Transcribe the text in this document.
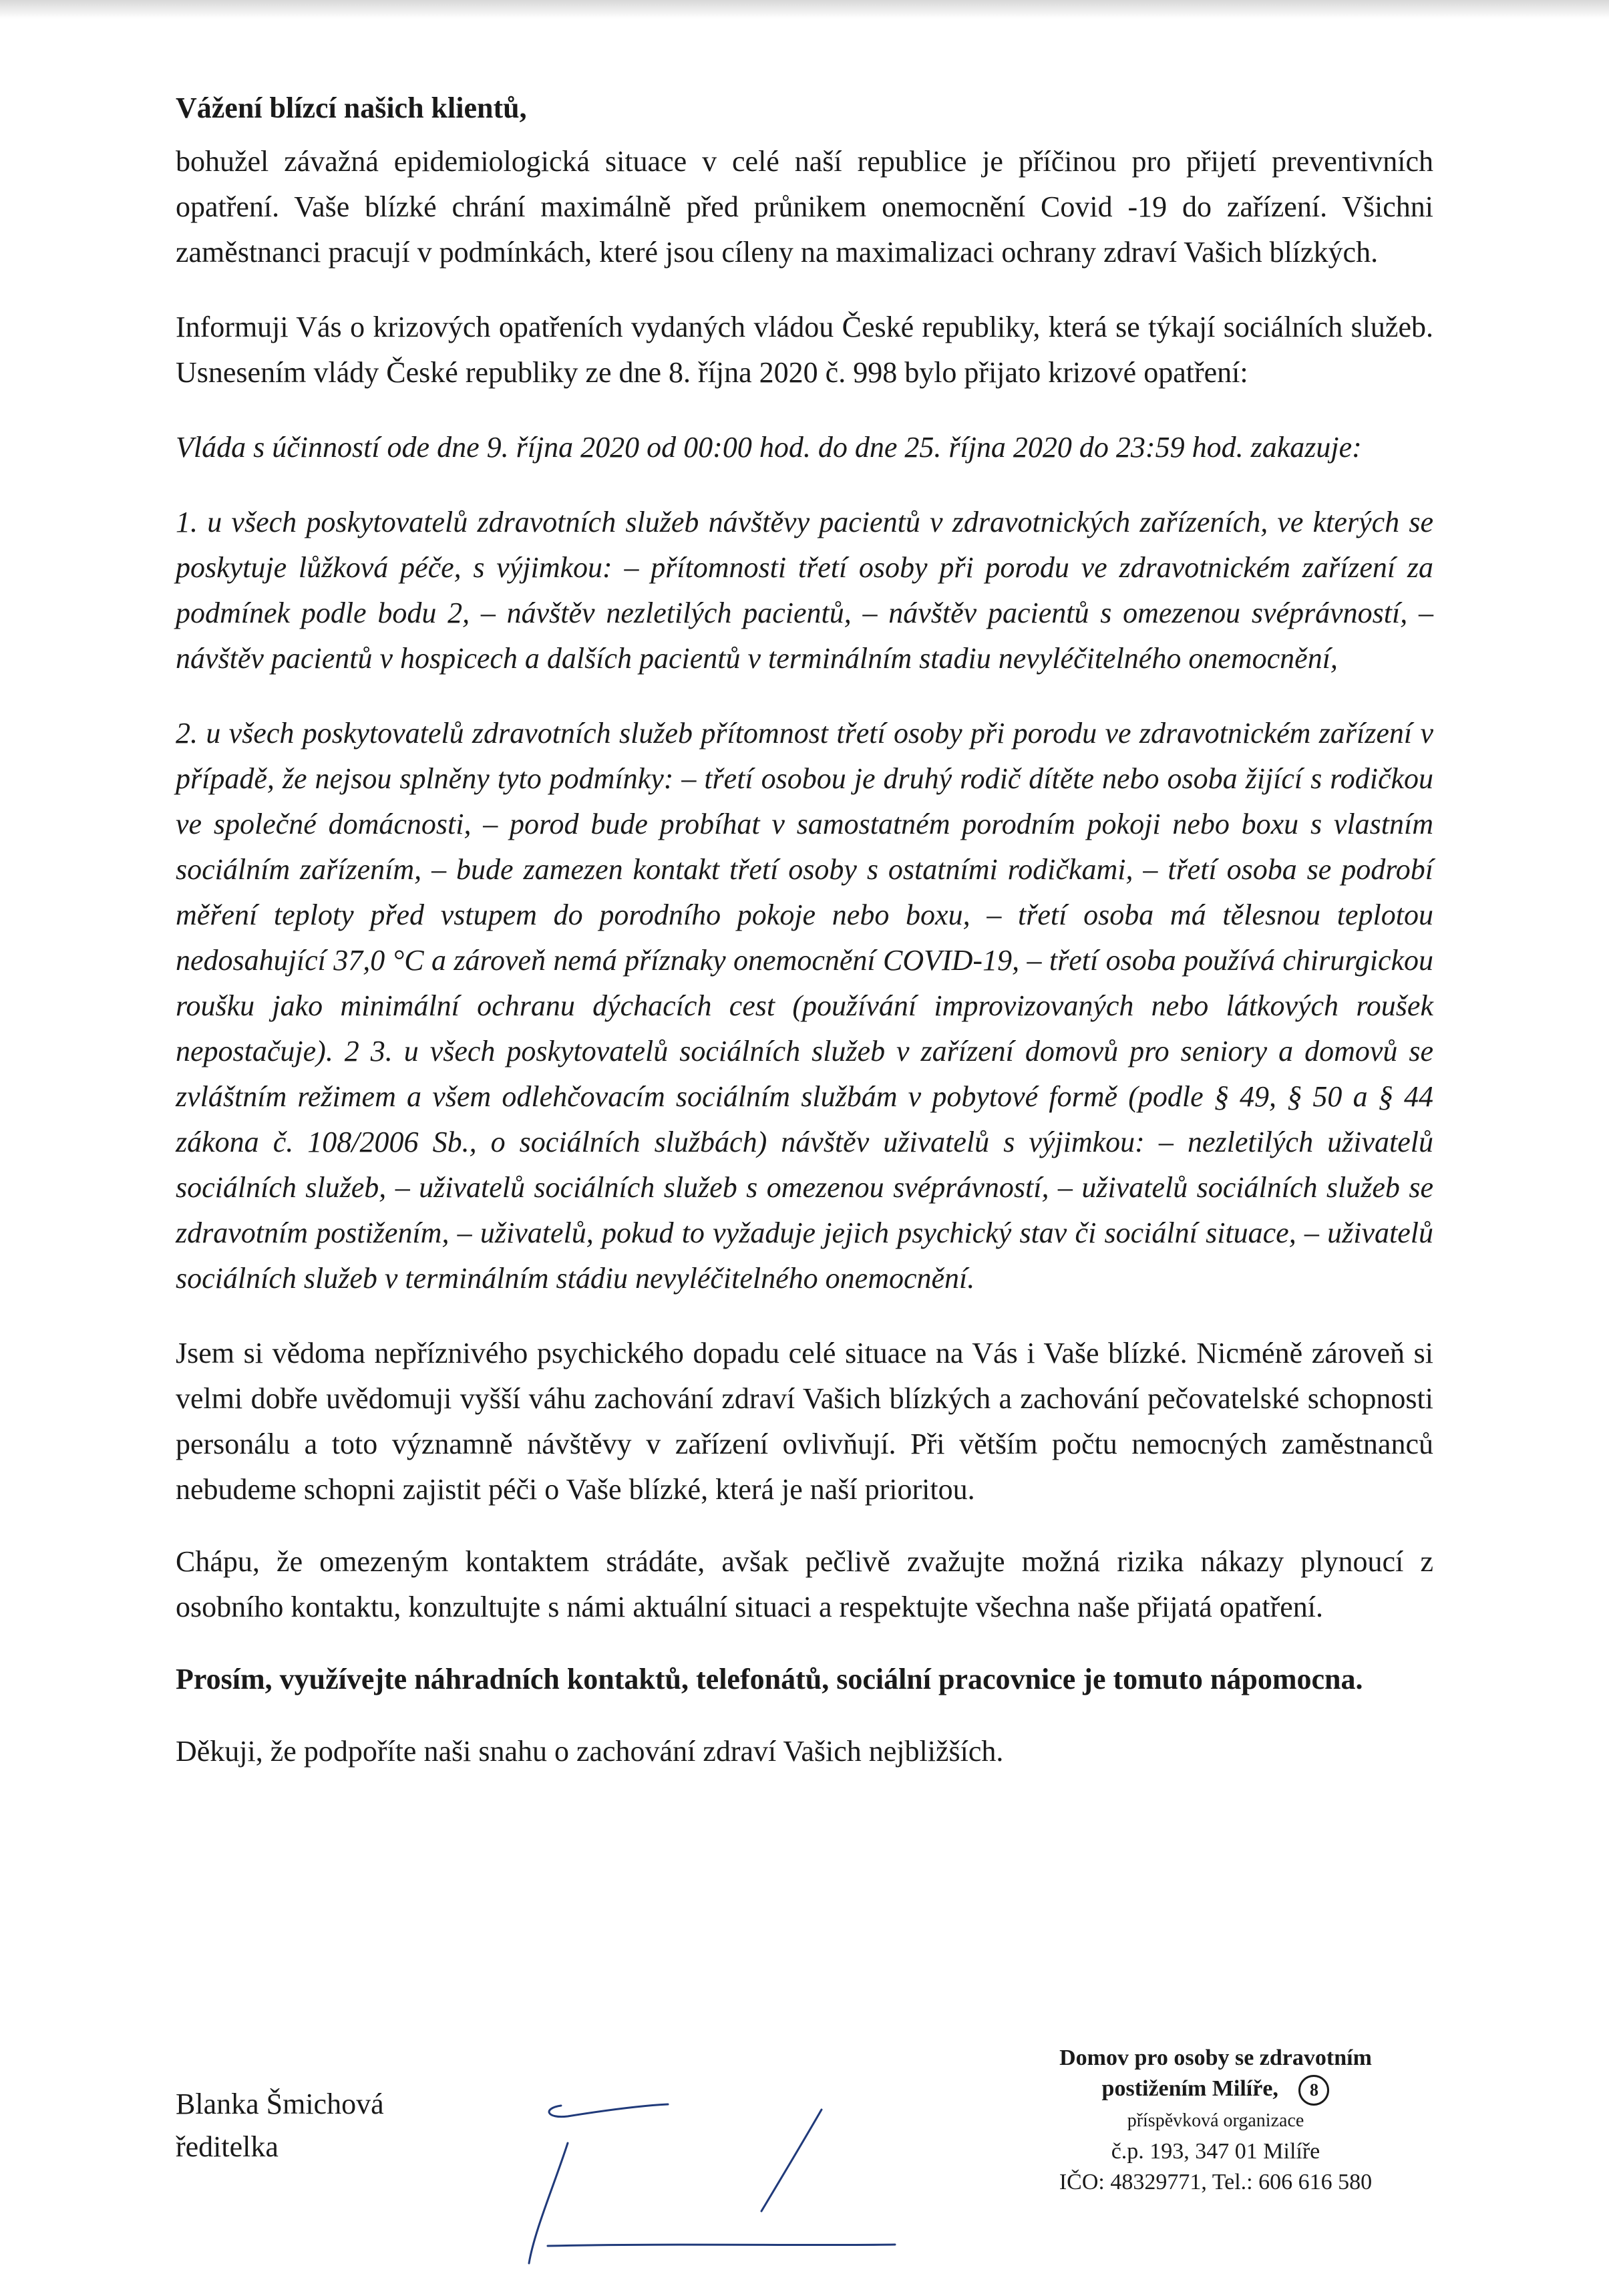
Vážení blízcí našich klientů,

bohužel závažná epidemiologická situace v celé naší republice je příčinou pro přijetí preventivních opatření. Vaše blízké chrání maximálně před průnikem onemocnění Covid -19 do zařízení. Všichni zaměstnanci pracují v podmínkách, které jsou cíleny na maximalizaci ochrany zdraví Vašich blízkých.

Informuji Vás o krizových opatřeních vydaných vládou České republiky, která se týkají sociálních služeb. Usnesením vlády České republiky ze dne 8. října 2020 č. 998 bylo přijato krizové opatření:

Vláda s účinností ode dne 9. října 2020 od 00:00 hod. do dne 25. října 2020 do 23:59 hod. zakazuje:

1. u všech poskytovatelů zdravotních služeb návštěvy pacientů v zdravotnických zařízeních, ve kterých se poskytuje lůžková péče, s výjimkou: – přítomnosti třetí osoby při porodu ve zdravotnickém zařízení za podmínek podle bodu 2, – návštěv nezletilých pacientů, – návštěv pacientů s omezenou svéprávností, – návštěv pacientů v hospicech a dalších pacientů v terminálním stadiu nevyléčitelného onemocnění,

2. u všech poskytovatelů zdravotních služeb přítomnost třetí osoby při porodu ve zdravotnickém zařízení v případě, že nejsou splněny tyto podmínky: – třetí osobou je druhý rodič dítěte nebo osoba žijící s rodičkou ve společné domácnosti, – porod bude probíhat v samostatném porodním pokoji nebo boxu s vlastním sociálním zařízením, – bude zamezen kontakt třetí osoby s ostatními rodičkami, – třetí osoba se podrobí měření teploty před vstupem do porodního pokoje nebo boxu, – třetí osoba má tělesnou teplotou nedosahující 37,0 °C a zároveň nemá příznaky onemocnění COVID-19, – třetí osoba používá chirurgickou roušku jako minimální ochranu dýchacích cest (používání improvizovaných nebo látkových roušek nepostačuje). 2 3. u všech poskytovatelů sociálních služeb v zařízení domovů pro seniory a domovů se zvláštním režimem a všem odlehčovacím sociálním službám v pobytové formě (podle § 49, § 50 a § 44 zákona č. 108/2006 Sb., o sociálních službách) návštěv uživatelů s výjimkou: – nezletilých uživatelů sociálních služeb, – uživatelů sociálních služeb s omezenou svéprávností, – uživatelů sociálních služeb se zdravotním postižením, – uživatelů, pokud to vyžaduje jejich psychický stav či sociální situace, – uživatelů sociálních služeb v terminálním stádiu nevyléčitelného onemocnění.

Jsem si vědoma nepříznivého psychického dopadu celé situace na Vás i Vaše blízké. Nicméně zároveň si velmi dobře uvědomuji vyšší váhu zachování zdraví Vašich blízkých a zachování pečovatelské schopnosti personálu a toto významně návštěvy v zařízení ovlivňují. Při větším počtu nemocných zaměstnanců nebudeme schopni zajistit péči o Vaše blízké, která je naší prioritou.

Chápu, že omezeným kontaktem strádáte, avšak pečlivě zvažujte možná rizika nákazy plynoucí z osobního kontaktu, konzultujte s námi aktuální situaci a respektujte všechna naše přijatá opatření.

Prosím, využívejte náhradních kontaktů, telefonátů, sociální pracovnice je tomuto nápomocna.

Děkuji, že podpoříte naši snahu o zachování zdraví Vašich nejbližších.

Blanka Šmichová
ředitelka
Domov pro osoby se zdravotním
postižením Milíře, 8
příspěvková organizace
č.p. 193, 347 01 Milíře
IČO: 48329771, Tel.: 606 616 580
